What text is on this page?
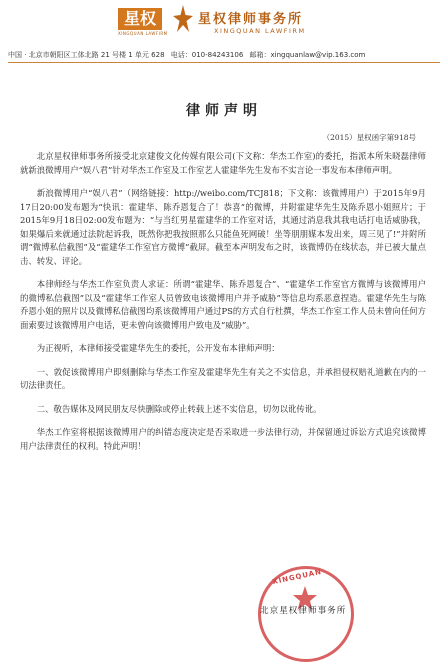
星权
XINGQUAN LAWFIRM
星权律师事务所
XINGQUAN LAWFIRM
中国 · 北京市朝阳区工体北路 21 号楼 1 单元 628 电话：010-84243106 邮箱：xingquanlaw@vip.163.com
律师声明
（2015）星权函字第918号

北京星权律师事务所接受北京建俊文化传媒有限公司(下文称：华杰工作室)的委托，指派本所朱晓磊律师就新浪微博用户“娱八君”针对华杰工作室及工作室艺人霍建华先生发布不实言论一事发布本律师声明。

新浪微博用户“娱八君”（网络链接：http://weibo.com/TCJ818；下文称：该微博用户）于2015年9月17日20:00发布题为“快讯：霍建华、陈乔恩复合了！恭喜”的微博，并附霍建华先生及陈乔恩小姐照片；于2015年9月18日02:00发布题为：“与当红男星霍建华的工作室对话，其通过消息我其我电话打电话威胁我，如果爆后来就通过法院起诉我，既然你把我按照那么只能鱼死网破！坐等朋朋媒本发出来，周三见了!”并附所谓“微博私信截图”及“霍建华工作室官方微博”截屏。截至本声明发布之时，该微博仍在线状态，并已被大量点击、转发、评论。

本律师经与华杰工作室负责人求证：所谓“霍建华、陈乔恩复合”、“霍建华工作室官方微博与该微博用户的微博私信截图”以及“霍建华工作室人员曾致电该微博用户并予威胁”等信息均系恶意捏造。霍建华先生与陈乔恩小姐的照片以及微博私信截图均系该微博用户通过PS的方式自行杜撰，华杰工作室工作人员未曾向任何方面索要过该微博用户电话，更未曾向该微博用户致电及“威胁”。

为正视听，本律师接受霍建华先生的委托，公开发布本律师声明：

一、敦促该微博用户即刻删除与华杰工作室及霍建华先生有关之不实信息，并承担侵权赔礼道歉在内的一切法律责任。

二、敬告媒体及网民朋友尽快删除或停止转载上述不实信息，切勿以讹传讹。

华杰工作室将根据该微博用户的纠错态度决定是否采取进一步法律行动，并保留通过诉讼方式追究该微博用户法律责任的权利。特此声明！

XINGQUAN
北京星权律师事务所
